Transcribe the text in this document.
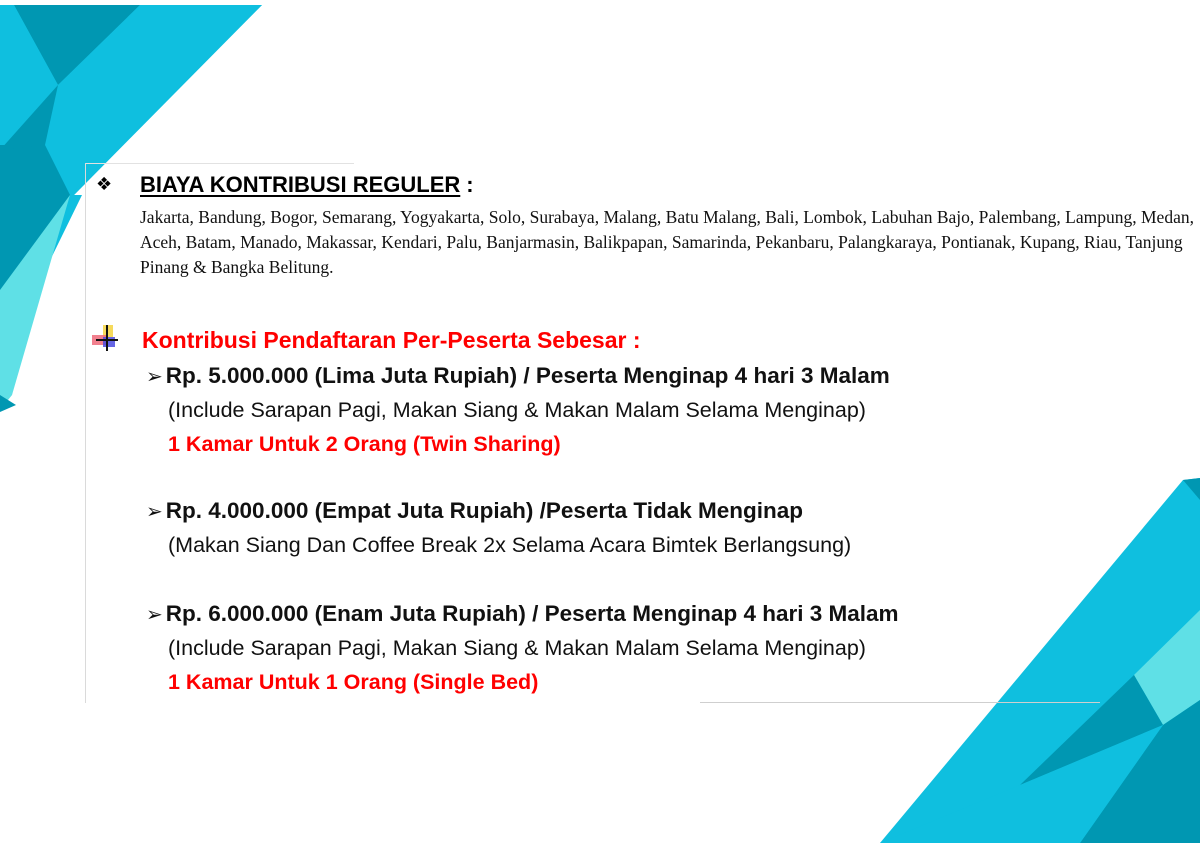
❖ BIAYA KONTRIBUSI REGULER :
Jakarta, Bandung, Bogor, Semarang, Yogyakarta, Solo, Surabaya, Malang, Batu Malang, Bali, Lombok, Labuhan Bajo, Palembang, Lampung, Medan, Aceh, Batam, Manado, Makassar, Kendari, Palu, Banjarmasin, Balikpapan, Samarinda, Pekanbaru, Palangkaraya, Pontianak, Kupang, Riau, Tanjung Pinang & Bangka Belitung.
Kontribusi Pendaftaran Per-Peserta Sebesar :
➢ Rp. 5.000.000 (Lima Juta Rupiah) / Peserta Menginap 4 hari 3 Malam
(Include Sarapan Pagi, Makan Siang & Makan Malam Selama Menginap)
1 Kamar Untuk 2 Orang (Twin Sharing)
➢ Rp. 4.000.000 (Empat Juta Rupiah) /Peserta Tidak Menginap
(Makan Siang Dan Coffee Break 2x Selama Acara Bimtek Berlangsung)
➢ Rp. 6.000.000 (Enam Juta Rupiah) / Peserta Menginap 4 hari 3 Malam
(Include Sarapan Pagi, Makan Siang & Makan Malam Selama Menginap)
1 Kamar Untuk 1 Orang (Single Bed)
